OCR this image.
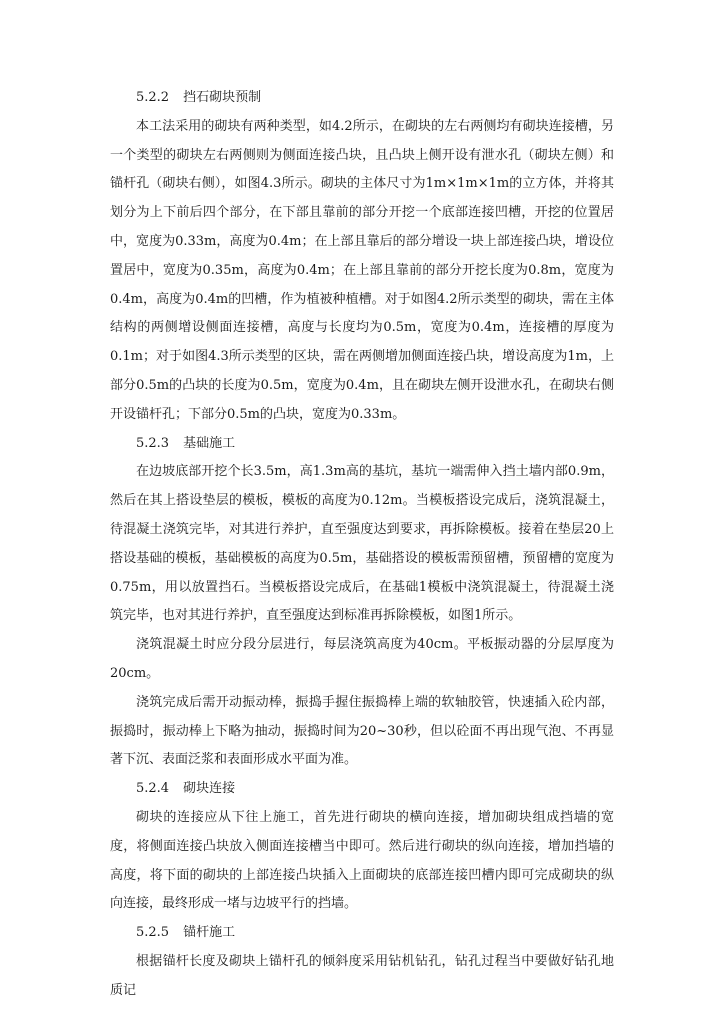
5.2.2 挡石砌块预制

本工法采用的砌块有两种类型，如4.2所示，在砌块的左右两侧均有砌块连接槽，另一个类型的砌块左右两侧则为侧面连接凸块，且凸块上侧开设有泄水孔（砌块左侧）和锚杆孔（砌块右侧），如图4.3所示。砌块的主体尺寸为1m×1m×1m的立方体，并将其划分为上下前后四个部分，在下部且靠前的部分开挖一个底部连接凹槽，开挖的位置居中，宽度为0.33m，高度为0.4m；在上部且靠后的部分增设一块上部连接凸块，增设位置居中，宽度为0.35m，高度为0.4m；在上部且靠前的部分开挖长度为0.8m，宽度为0.4m，高度为0.4m的凹槽，作为植被种植槽。对于如图4.2所示类型的砌块，需在主体结构的两侧增设侧面连接槽，高度与长度均为0.5m，宽度为0.4m，连接槽的厚度为0.1m；对于如图4.3所示类型的区块，需在两侧增加侧面连接凸块，增设高度为1m，上部分0.5m的凸块的长度为0.5m，宽度为0.4m，且在砌块左侧开设泄水孔，在砌块右侧开设锚杆孔；下部分0.5m的凸块，宽度为0.33m。

5.2.3 基础施工

在边坡底部开挖个长3.5m，高1.3m高的基坑，基坑一端需伸入挡土墙内部0.9m，然后在其上搭设垫层的模板，模板的高度为0.12m。当模板搭设完成后，浇筑混凝土，待混凝土浇筑完毕，对其进行养护，直至强度达到要求，再拆除模板。接着在垫层20上搭设基础的模板，基础模板的高度为0.5m，基础搭设的模板需预留槽，预留槽的宽度为0.75m，用以放置挡石。当模板搭设完成后，在基础1模板中浇筑混凝土，待混凝土浇筑完毕，也对其进行养护，直至强度达到标准再拆除模板，如图1所示。

浇筑混凝土时应分段分层进行，每层浇筑高度为40cm。平板振动器的分层厚度为20cm。

浇筑完成后需开动振动棒，振捣手握住振捣棒上端的软轴胶管，快速插入砼内部，振捣时，振动棒上下略为抽动，振捣时间为20~30秒，但以砼面不再出现气泡、不再显著下沉、表面泛浆和表面形成水平面为准。

5.2.4 砌块连接

砌块的连接应从下往上施工，首先进行砌块的横向连接，增加砌块组成挡墙的宽度，将侧面连接凸块放入侧面连接槽当中即可。然后进行砌块的纵向连接，增加挡墙的高度，将下面的砌块的上部连接凸块插入上面砌块的底部连接凹槽内即可完成砌块的纵向连接，最终形成一堵与边坡平行的挡墙。

5.2.5 锚杆施工

根据锚杆长度及砌块上锚杆孔的倾斜度采用钻机钻孔，钻孔过程当中要做好钻孔地质记
